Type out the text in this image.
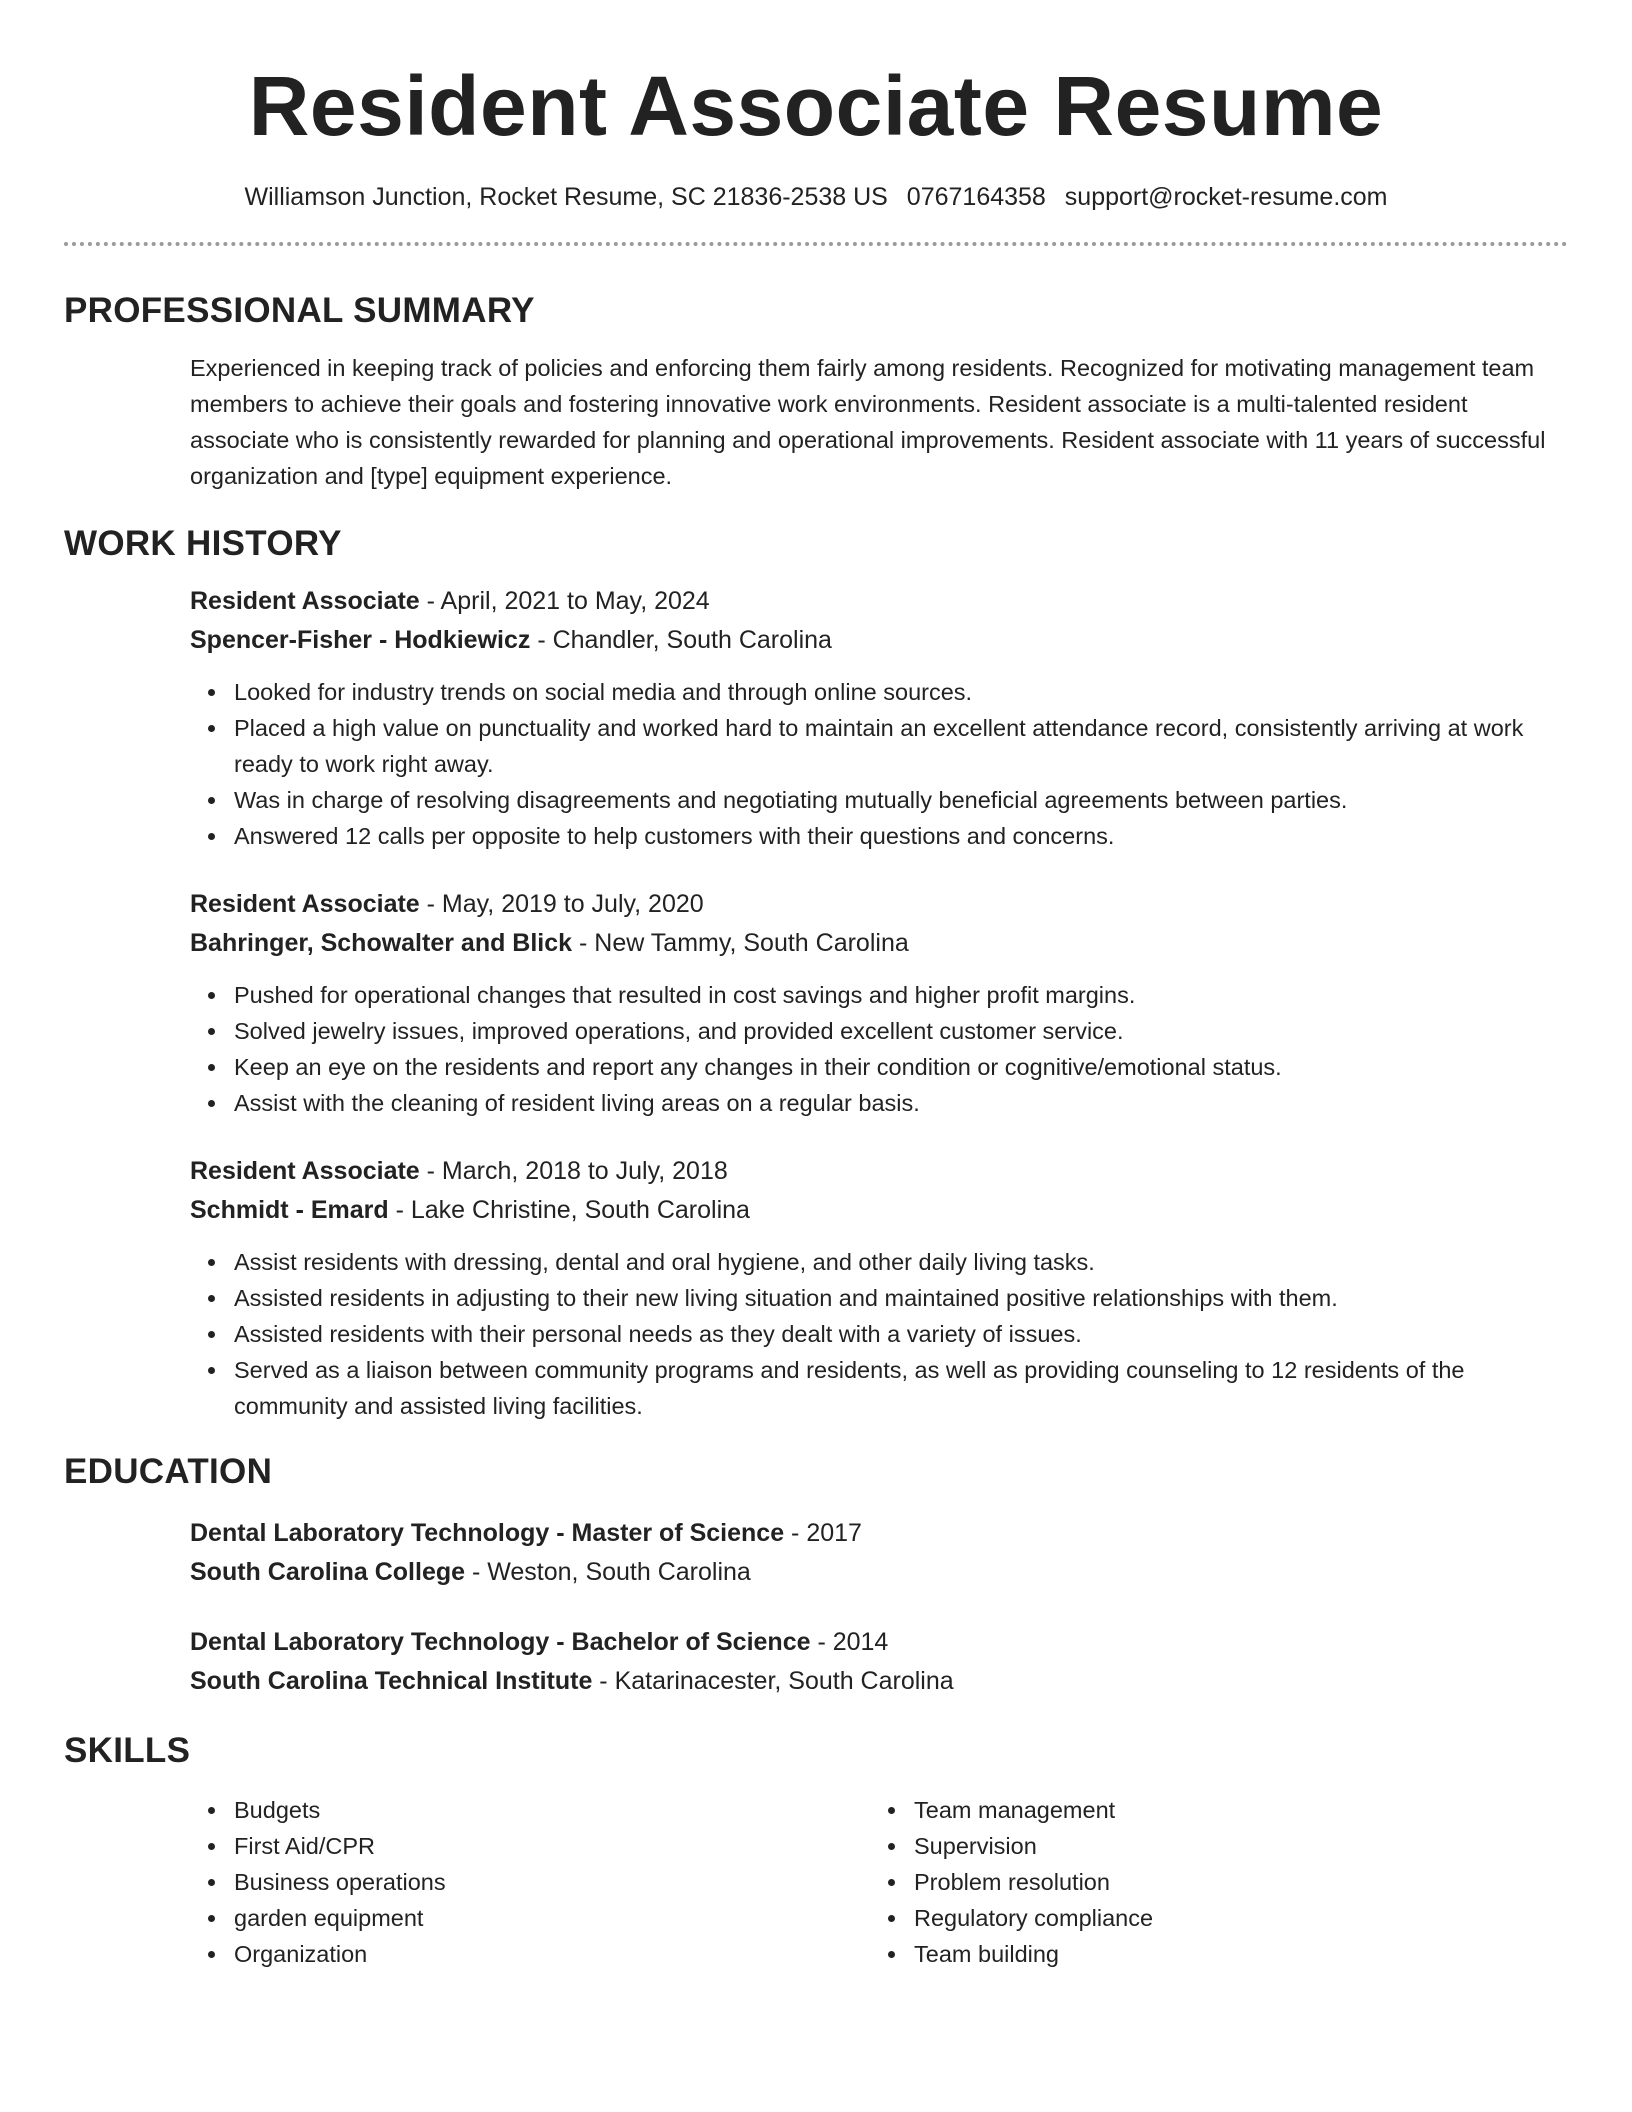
Resident Associate Resume
Williamson Junction, Rocket Resume, SC 21836-2538 US 0767164358 support@rocket-resume.com
PROFESSIONAL SUMMARY

Experienced in keeping track of policies and enforcing them fairly among residents. Recognized for motivating management team members to achieve their goals and fostering innovative work environments. Resident associate is a multi-talented resident associate who is consistently rewarded for planning and operational improvements. Resident associate with 11 years of successful organization and [type] equipment experience.

WORK HISTORY
Resident Associate - April, 2021 to May, 2024
Spencer-Fisher - Hodkiewicz - Chandler, South Carolina
Looked for industry trends on social media and through online sources.
Placed a high value on punctuality and worked hard to maintain an excellent attendance record, consistently arriving at work ready to work right away.
Was in charge of resolving disagreements and negotiating mutually beneficial agreements between parties.
Answered 12 calls per opposite to help customers with their questions and concerns.
Resident Associate - May, 2019 to July, 2020
Bahringer, Schowalter and Blick - New Tammy, South Carolina
Pushed for operational changes that resulted in cost savings and higher profit margins.
Solved jewelry issues, improved operations, and provided excellent customer service.
Keep an eye on the residents and report any changes in their condition or cognitive/emotional status.
Assist with the cleaning of resident living areas on a regular basis.
Resident Associate - March, 2018 to July, 2018
Schmidt - Emard - Lake Christine, South Carolina
Assist residents with dressing, dental and oral hygiene, and other daily living tasks.
Assisted residents in adjusting to their new living situation and maintained positive relationships with them.
Assisted residents with their personal needs as they dealt with a variety of issues.
Served as a liaison between community programs and residents, as well as providing counseling to 12 residents of the community and assisted living facilities.
EDUCATION
Dental Laboratory Technology - Master of Science - 2017
South Carolina College - Weston, South Carolina
Dental Laboratory Technology - Bachelor of Science - 2014
South Carolina Technical Institute - Katarinacester, South Carolina
SKILLS
Budgets
First Aid/CPR
Business operations
garden equipment
Organization
Team management
Supervision
Problem resolution
Regulatory compliance
Team building
